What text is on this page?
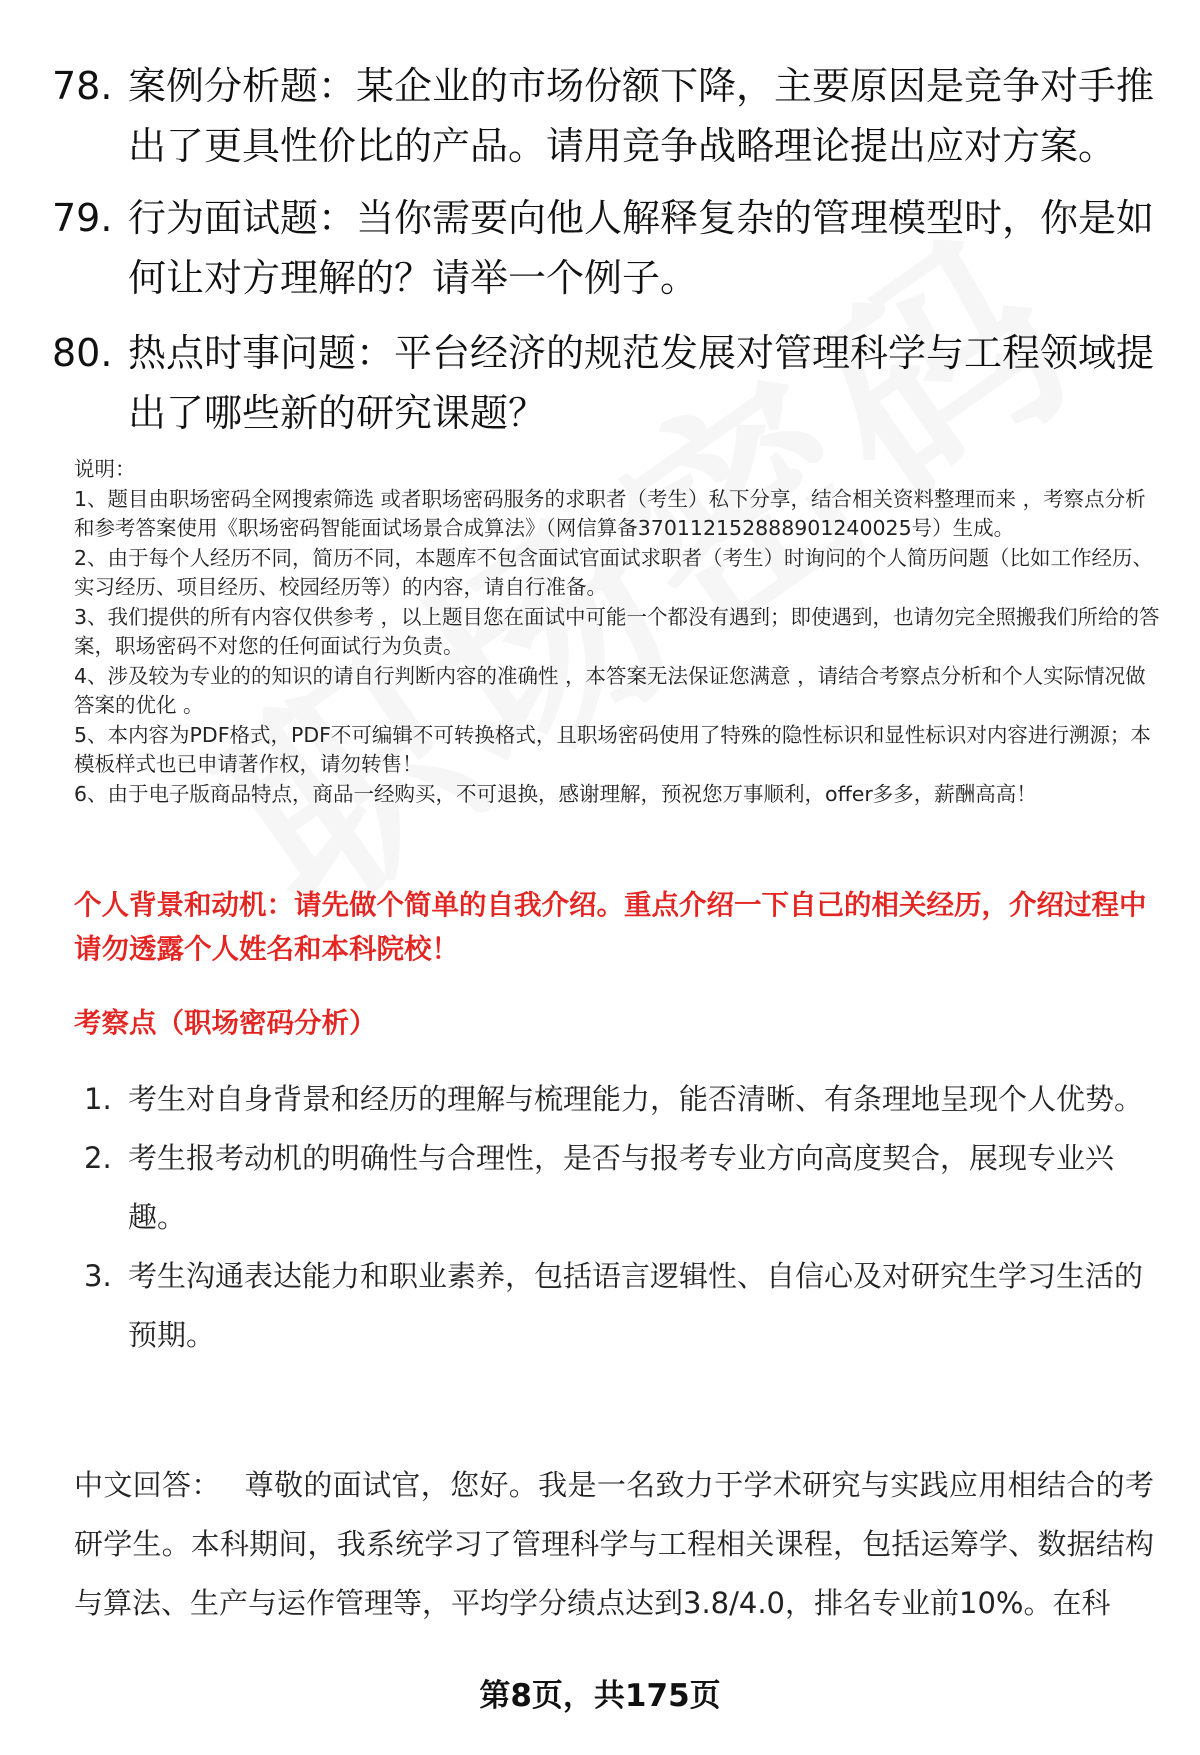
78. 案例分析题：某企业的市场份额下降，主要原因是竞争对手推出了更具性价比的产品。请用竞争战略理论提出应对方案。
79. 行为面试题：当你需要向他人解释复杂的管理模型时，你是如何让对方理解的？请举一个例子。
80. 热点时事问题：平台经济的规范发展对管理科学与工程领域提出了哪些新的研究课题？

说明：

1、题目由职场密码全网搜索筛选 或者职场密码服务的求职者（考生）私下分享，结合相关资料整理而来 ，考察点分析和参考答案使用《职场密码智能面试场景合成算法》（网信算备370112152888901240025号）生成。

2、由于每个人经历不同，简历不同，本题库不包含面试官面试求职者（考生）时询问的个人简历问题（比如工作经历、实习经历、项目经历、校园经历等）的内容，请自行准备。

3、我们提供的所有内容仅供参考 ，以上题目您在面试中可能一个都没有遇到；即使遇到，也请勿完全照搬我们所给的答案，职场密码不对您的任何面试行为负责。

4、涉及较为专业的的知识的请自行判断内容的准确性 ，本答案无法保证您满意 ，请结合考察点分析和个人实际情况做答案的优化 。

5、本内容为PDF格式，PDF不可编辑不可转换格式，且职场密码使用了特殊的隐性标识和显性标识对内容进行溯源；本模板样式也已申请著作权，请勿转售！

6、由于电子版商品特点，商品一经购买，不可退换，感谢理解，预祝您万事顺利，offer多多，薪酬高高！

个人背景和动机：请先做个简单的自我介绍。重点介绍一下自己的相关经历，介绍过程中请勿透露个人姓名和本科院校！
考察点（职场密码分析）
1. 考生对自身背景和经历的理解与梳理能力，能否清晰、有条理地呈现个人优势。
2. 考生报考动机的明确性与合理性，是否与报考专业方向高度契合，展现专业兴趣。
3. 考生沟通表达能力和职业素养，包括语言逻辑性、自信心及对研究生学习生活的预期。
中文回答： 尊敬的面试官，您好。我是一名致力于学术研究与实践应用相结合的考研学生。本科期间，我系统学习了管理科学与工程相关课程，包括运筹学、数据结构与算法、生产与运作管理等，平均学分绩点达到3.8/4.0，排名专业前10%。在科
第8页，共175页
